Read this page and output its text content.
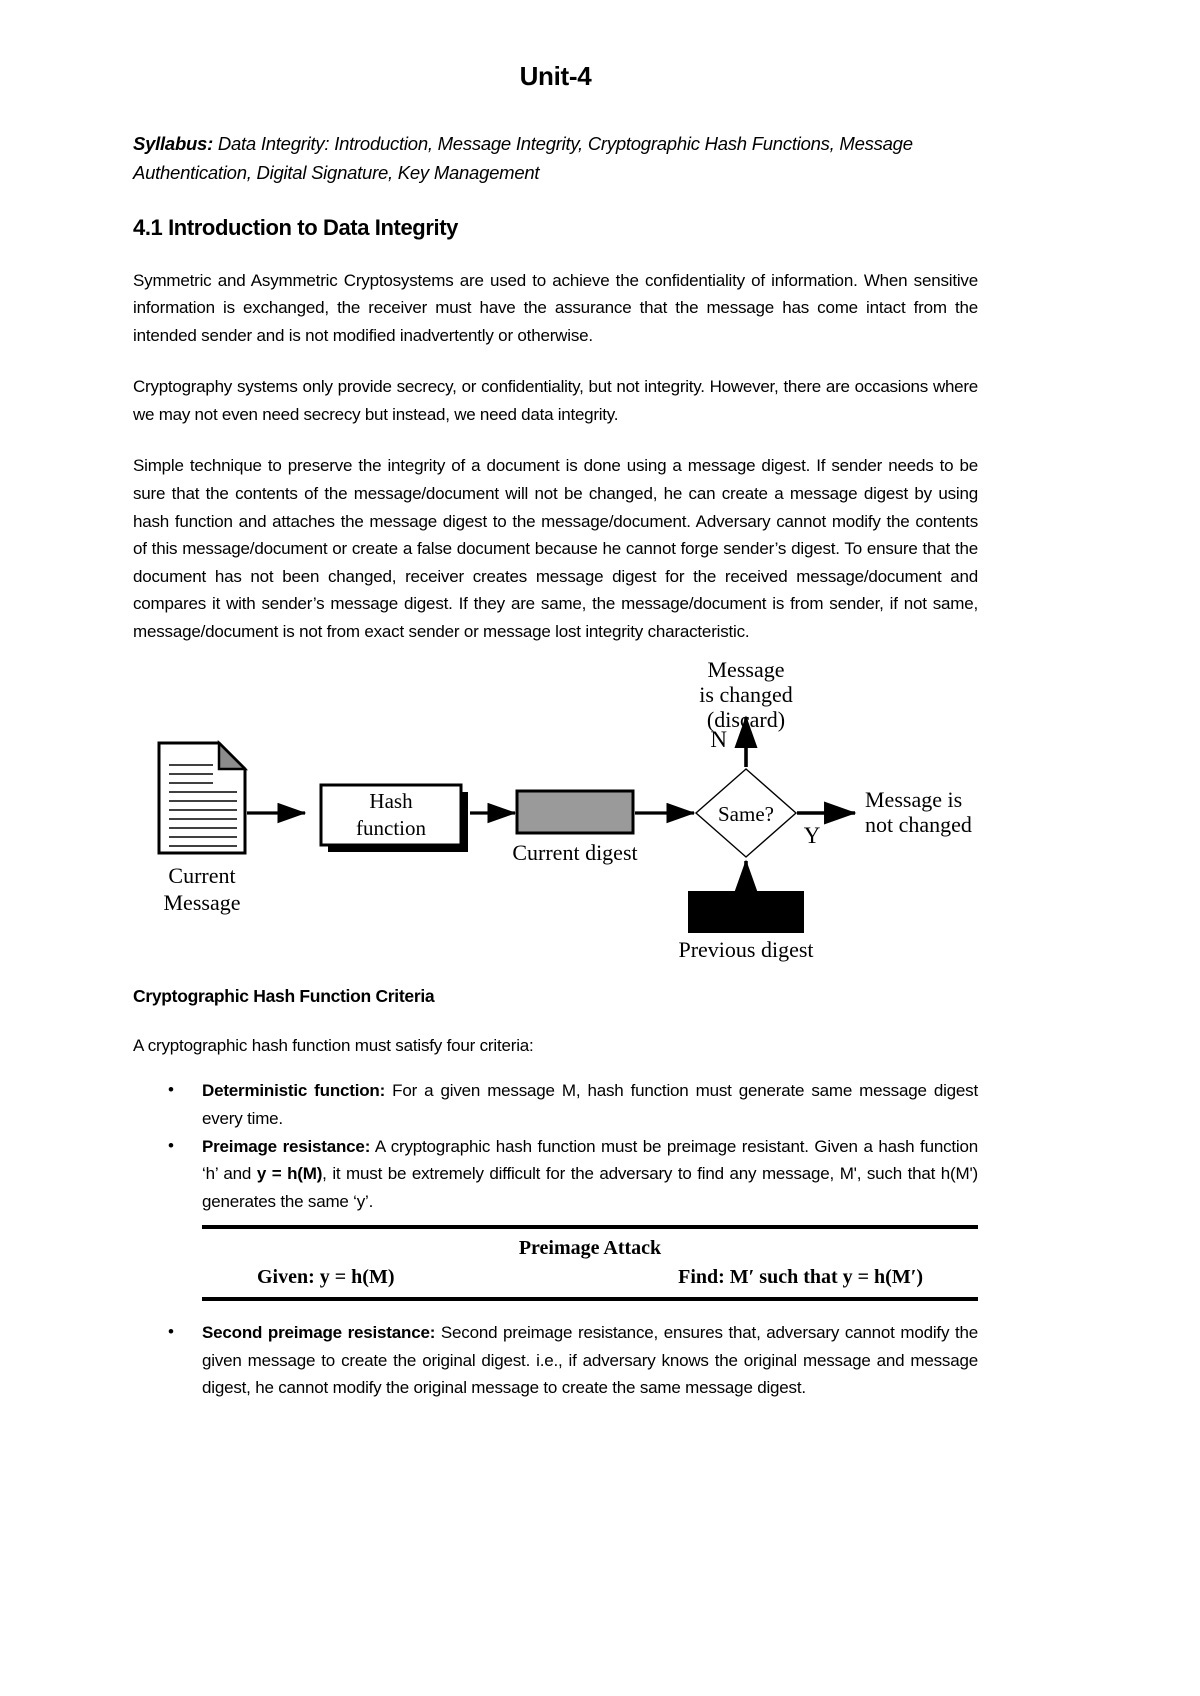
Unit-4
Syllabus: Data Integrity: Introduction, Message Integrity, Cryptographic Hash Functions, Message Authentication, Digital Signature, Key Management
4.1 Introduction to Data Integrity

Symmetric and Asymmetric Cryptosystems are used to achieve the confidentiality of information. When sensitive information is exchanged, the receiver must have the assurance that the message has come intact from the intended sender and is not modified inadvertently or otherwise.

Cryptography systems only provide secrecy, or confidentiality, but not integrity. However, there are occasions where we may not even need secrecy but instead, we need data integrity.

Simple technique to preserve the integrity of a document is done using a message digest. If sender needs to be sure that the contents of the message/document will not be changed, he can create a message digest by using hash function and attaches the message digest to the message/document. Adversary cannot modify the contents of this message/document or create a false document because he cannot forge sender’s digest. To ensure that the document has not been changed, receiver creates message digest for the received message/document and compares it with sender’s message digest. If they are same, the message/document is from sender, if not same, message/document is not from exact sender or message lost integrity characteristic.

Current
Message
Hash
function
Current digest
Same?
N
Message
is changed
(discard)
Y
Message is
not changed
Previous digest
Cryptographic Hash Function Criteria

A cryptographic hash function must satisfy four criteria:

• Deterministic function: For a given message M, hash function must generate same message digest every time.
• Preimage resistance: A cryptographic hash function must be preimage resistant. Given a hash function ‘h’ and y = h(M), it must be extremely difficult for the adversary to find any message, M', such that h(M') generates the same ‘y’.
Preimage Attack
Given: y = h(M)	Find: M′ such that y = h(M′)
• Second preimage resistance: Second preimage resistance, ensures that, adversary cannot modify the given message to create the original digest. i.e., if adversary knows the original message and message digest, he cannot modify the original message to create the same message digest.
